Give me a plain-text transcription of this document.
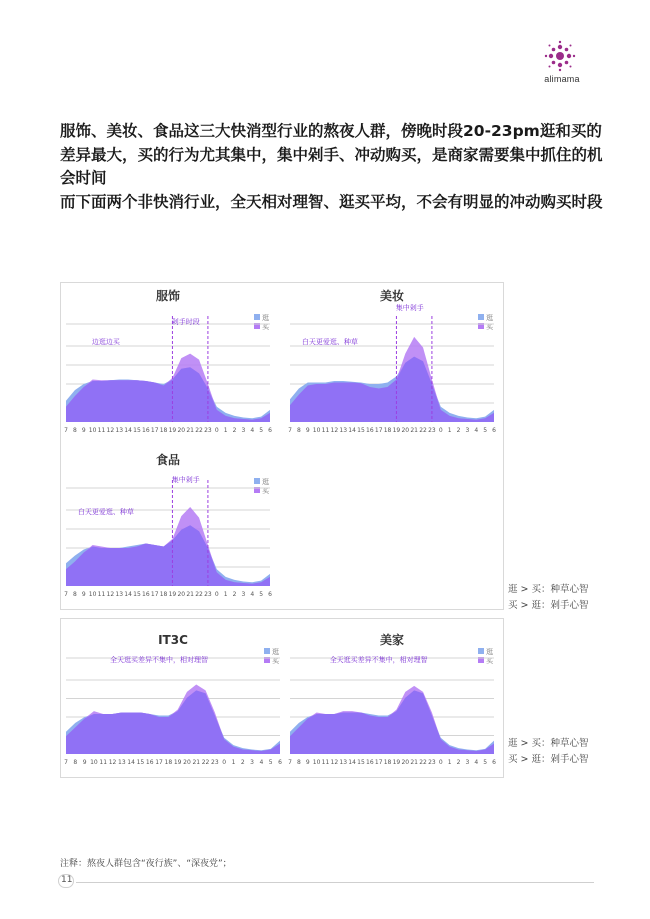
alimama

服饰、美妆、食品这三大快消型行业的熬夜人群，傍晚时段20-23pm逛和买的差异最大，买的行为尤其集中，集中剁手、冲动购买，是商家需要集中抓住的机会时间

而下面两个非快消行业，全天相对理智、逛买平均，不会有明显的冲动购买时段

服饰
逛
买
边逛边买
剁手时段
7 8 9 10 11 12 13 14 15 16 17 18 19 20 21 22 23 0 1 2 3 4 5 6
美妆
逛
买
白天更爱逛、种草
集中剁手
7 8 9 10 11 12 13 14 15 16 17 18 19 20 21 22 23 0 1 2 3 4 5 6
食品
逛
买
白天更爱逛、种草
集中剁手
7 8 9 10 11 12 13 14 15 16 17 18 19 20 21 22 23 0 1 2 3 4 5 6
IT3C
逛
买
全天逛买差异不集中，相对理智
7 8 9 10 11 12 13 14 15 16 17 18 19 20 21 22 23 0 1 2 3 4 5 6
美家
逛
买
全天逛买差异不集中，相对理智
7 8 9 10 11 12 13 14 15 16 17 18 19 20 21 22 23 0 1 2 3 4 5 6
逛 > 买：种草心智
买 > 逛：剁手心智
逛 > 买：种草心智
买 > 逛：剁手心智
注释：熬夜人群包含“夜行族”、“深夜党”；
11
